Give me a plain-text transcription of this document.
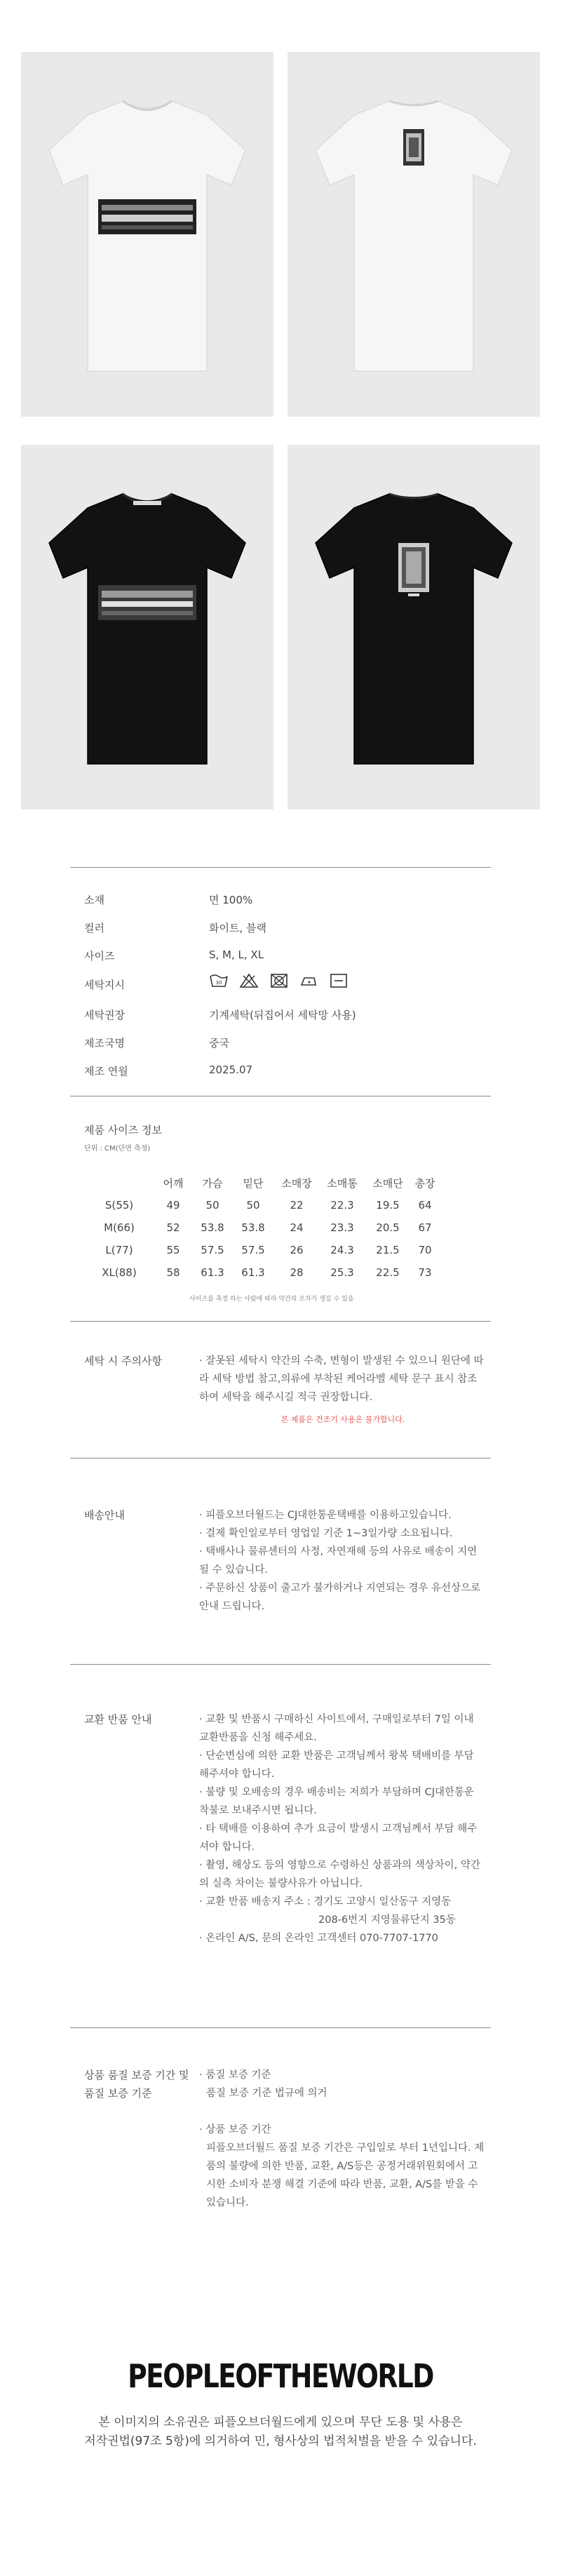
소재	면 100%
컬러	화이트, 블랙
사이즈	S, M, L, XL
세탁지시	30

세탁권장	기계세탁(뒤집어서 세탁망 사용)
제조국명	중국
제조 연월	2025.07
제품 사이즈 정보
단위 : CM(단면 측정)
	어깨	가슴	밑단	소매장	소매통	소매단	총장
S(55)	49	50	50	22	22.3	19.5	64
M(66)	52	53.8	53.8	24	23.3	20.5	67
L(77)	55	57.5	57.5	26	24.3	21.5	70
XL(88)	58	61.3	61.3	28	25.3	22.5	73
사이즈를 측정 하는 사람에 따라 약간의 오차가 생길 수 있음
세탁 시 주의사항	· 잘못된 세탁시 약간의 수축, 변형이 발생된 수 있으니 원단에 따라 세탁 방법 참고,의류에 부착된 케어라벨 세탁 문구 표시 참조하여 세탁을 해주시길 적극 권장합니다.
본 제품은 건조기 사용은 불가합니다.
배송안내	· 피플오브더월드는 CJ대한통운택배를 이용하고있습니다.
· 결제 확인일로부터 영업일 기준 1~3일가량 소요됩니다.
· 택배사나 물류센터의 사정, 자연재해 등의 사유로 배송이 지연될 수 있습니다.
· 주문하신 상품이 출고가 불가하거나 지연되는 경우 유선상으로 안내 드립니다.
교환 반품 안내	· 교환 및 반품시 구매하신 사이트에서, 구매일로부터 7일 이내 교환반품을 신청 해주세요.
· 단순변심에 의한 교환 반품은 고객님께서 왕복 택배비를 부담 해주셔야 합니다.
· 불량 및 오배송의 경우 배송비는 저희가 부담하며 CJ대한통운 착불로 보내주시면 됩니다.
· 타 택배를 이용하여 추가 요금이 발생시 고객님께서 부담 해주셔야 합니다.
· 촬영, 해상도 등의 영향으로 수령하신 상품과의 색상차이, 약간의 실측 차이는 불량사유가 아닙니다.
· 교환 반품 배송지 주소 : 경기도 고양시 일산동구 지영동
208-6번지 지영물류단지 35동
· 온라인 A/S, 문의 온라인 고객센터 070-7707-1770
상품 품질 보증 기간 및
품질 보증 기준
· 품질 보증 기준
품질 보증 기준 법규에 의거
· 상품 보증 기간
피플오브더월드 품질 보증 기간은 구입일로 부터 1년입니다. 제품의 불량에 의한 반품, 교환, A/S등은 공정거래위원회에서 고시한 소비자 분쟁 해결 기준에 따라 반품, 교환, A/S를 받을 수 있습니다.
PEOPLEOFTHEWORLD
본 이미지의 소유권은 피플오브더월드에게 있으며 무단 도용 및 사용은
저작권법(97조 5항)에 의거하여 민, 형사상의 법적처벌을 받을 수 있습니다.
